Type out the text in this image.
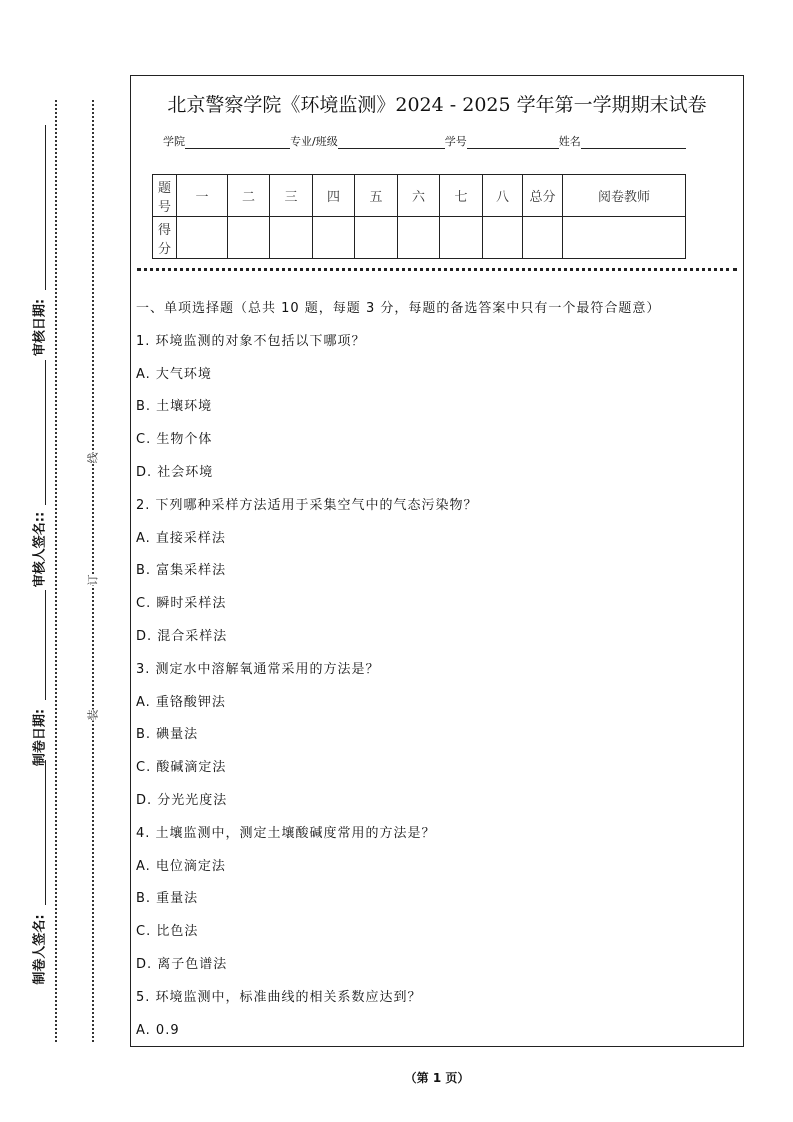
审核日期:
审核人签名::
制卷日期:
制卷人签名:
线
订
装
北京警察学院《环境监测》2024 - 2025 学年第一学期期末试卷
学院	专业/班级	学号	姓名
题号	一	二	三	四	五	六	七	八	总分	阅卷教师
得分										
一、单项选择题（总共 10 题，每题 3 分，每题的备选答案中只有一个最符合题意）
1. 环境监测的对象不包括以下哪项？
A. 大气环境
B. 土壤环境
C. 生物个体
D. 社会环境
2. 下列哪种采样方法适用于采集空气中的气态污染物？
A. 直接采样法
B. 富集采样法
C. 瞬时采样法
D. 混合采样法
3. 测定水中溶解氧通常采用的方法是？
A. 重铬酸钾法
B. 碘量法
C. 酸碱滴定法
D. 分光光度法
4. 土壤监测中，测定土壤酸碱度常用的方法是？
A. 电位滴定法
B. 重量法
C. 比色法
D. 离子色谱法
5. 环境监测中，标准曲线的相关系数应达到？
A. 0.9
（第 1 页）
